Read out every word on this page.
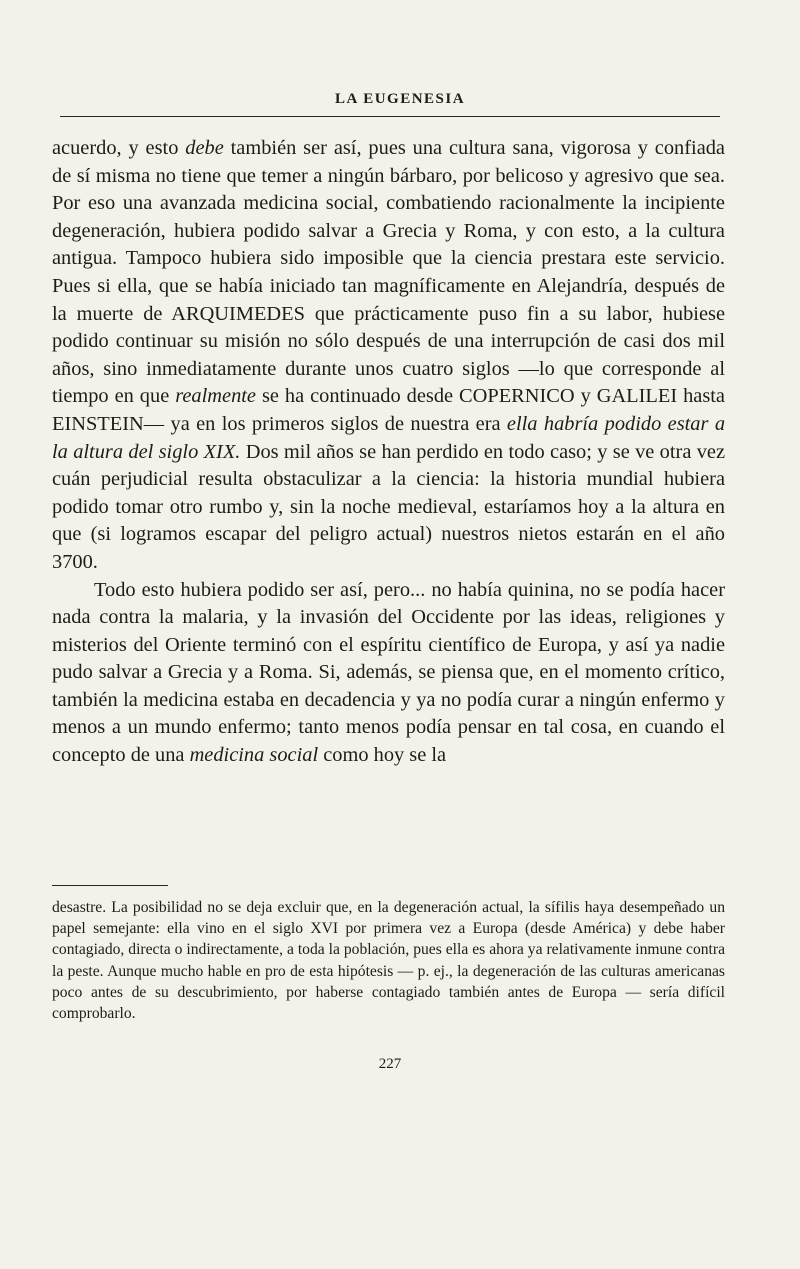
LA EUGENESIA

acuerdo, y esto debe también ser así, pues una cultura sana, vigorosa y confiada de sí misma no tiene que temer a ningún bárbaro, por belicoso y agresivo que sea. Por eso una avanzada medicina social, combatiendo racionalmente la incipiente degeneración, hubiera podido salvar a Grecia y Roma, y con esto, a la cultura antigua. Tampoco hubiera sido imposible que la ciencia prestara este servicio. Pues si ella, que se había iniciado tan magníficamente en Alejandría, después de la muerte de ARQUIMEDES que prácticamente puso fin a su labor, hubiese podido continuar su misión no sólo después de una interrupción de casi dos mil años, sino inmediatamente durante unos cuatro siglos —lo que corresponde al tiempo en que realmente se ha continuado desde COPERNICO y GALILEI hasta EINSTEIN— ya en los primeros siglos de nuestra era ella habría podido estar a la altura del siglo XIX. Dos mil años se han perdido en todo caso; y se ve otra vez cuán perjudicial resulta obstaculizar a la ciencia: la historia mundial hubiera podido tomar otro rumbo y, sin la noche medieval, estaríamos hoy a la altura en que (si logramos escapar del peligro actual) nuestros nietos estarán en el año 3700.

Todo esto hubiera podido ser así, pero... no había quinina, no se podía hacer nada contra la malaria, y la invasión del Occidente por las ideas, religiones y misterios del Oriente terminó con el espíritu científico de Europa, y así ya nadie pudo salvar a Grecia y a Roma. Si, además, se piensa que, en el momento crítico, también la medicina estaba en decadencia y ya no podía curar a ningún enfermo y menos a un mundo enfermo; tanto menos podía pensar en tal cosa, en cuando el concepto de una medicina social como hoy se la

desastre. La posibilidad no se deja excluir que, en la degeneración actual, la sífilis haya desempeñado un papel semejante: ella vino en el siglo XVI por primera vez a Europa (desde América) y debe haber contagiado, directa o indirectamente, a toda la población, pues ella es ahora ya relativamente inmune contra la peste. Aunque mucho hable en pro de esta hipótesis — p. ej., la degeneración de las culturas americanas poco antes de su descubrimiento, por haberse contagiado también antes de Europa — sería difícil comprobarlo.

227
